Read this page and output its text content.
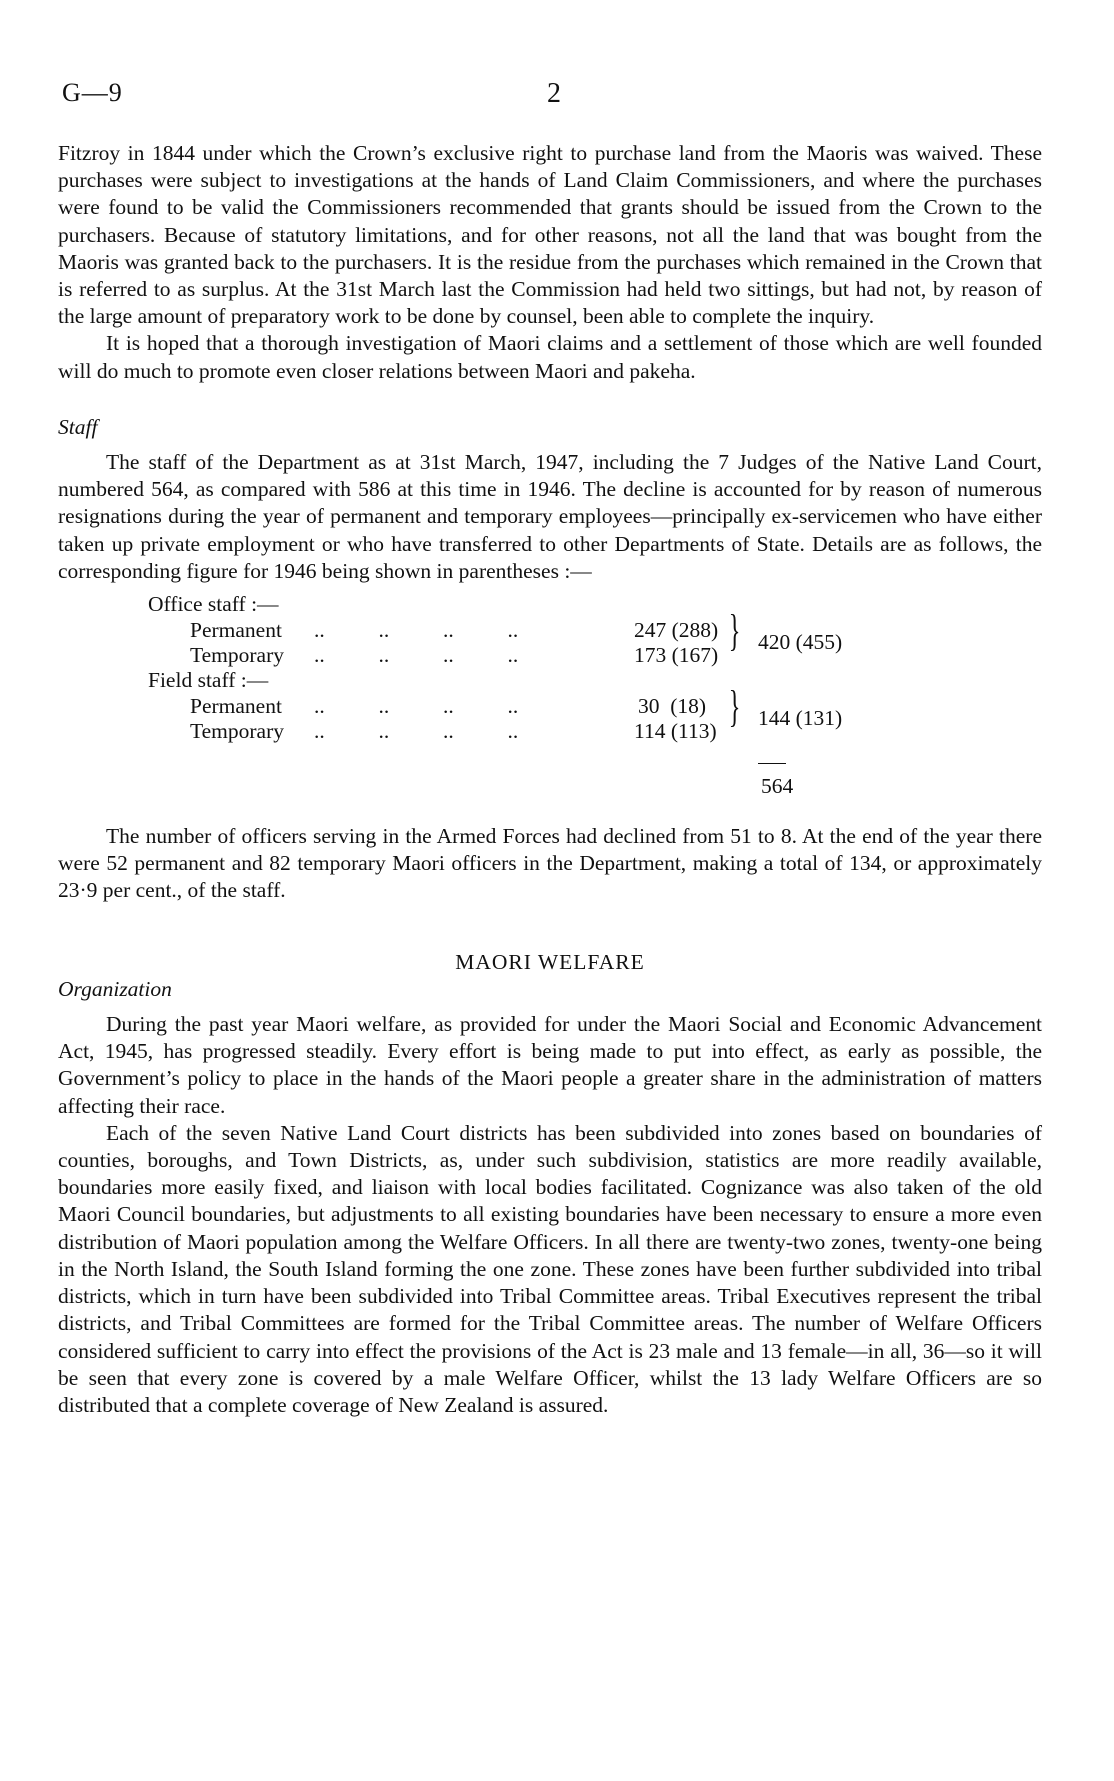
G—9	2

Fitzroy in 1844 under which the Crown’s exclusive right to purchase land from the Maoris was waived. These purchases were subject to investigations at the hands of Land Claim Commissioners, and where the purchases were found to be valid the Commissioners recommended that grants should be issued from the Crown to the purchasers. Because of statutory limitations, and for other reasons, not all the land that was bought from the Maoris was granted back to the purchasers. It is the residue from the purchases which remained in the Crown that is referred to as surplus. At the 31st March last the Commission had held two sittings, but had not, by reason of the large amount of preparatory work to be done by counsel, been able to complete the inquiry.

It is hoped that a thorough investigation of Maori claims and a settlement of those which are well founded will do much to promote even closer relations between Maori and pakeha.

Staff

The staff of the Department as at 31st March, 1947, including the 7 Judges of the Native Land Court, numbered 564, as compared with 586 at this time in 1946. The decline is accounted for by reason of numerous resignations during the year of permanent and temporary employees—principally ex-servicemen who have either taken up private employment or who have transferred to other Departments of State. Details are as follows, the corresponding figure for 1946 being shown in parentheses :—

Office staff :—
Permanent ..          ..          ..          ..	247 (288)
Temporary ..          ..          ..          ..	173 (167) } 420 (455)
Field staff :—
Permanent ..          ..          ..          ..	30  (18)
Temporary ..          ..          ..          ..	114 (113) } 144 (131)
564

The number of officers serving in the Armed Forces had declined from 51 to 8. At the end of the year there were 52 permanent and 82 temporary Maori officers in the Department, making a total of 134, or approximately 23·9 per cent., of the staff.

MAORI WELFARE

Organization

During the past year Maori welfare, as provided for under the Maori Social and Economic Advancement Act, 1945, has progressed steadily. Every effort is being made to put into effect, as early as possible, the Government’s policy to place in the hands of the Maori people a greater share in the administration of matters affecting their race.

Each of the seven Native Land Court districts has been subdivided into zones based on boundaries of counties, boroughs, and Town Districts, as, under such subdivision, statistics are more readily available, boundaries more easily fixed, and liaison with local bodies facilitated. Cognizance was also taken of the old Maori Council boundaries, but adjustments to all existing boundaries have been necessary to ensure a more even distribution of Maori population among the Welfare Officers. In all there are twenty-two zones, twenty-one being in the North Island, the South Island forming the one zone. These zones have been further subdivided into tribal districts, which in turn have been subdivided into Tribal Committee areas. Tribal Executives represent the tribal districts, and Tribal Committees are formed for the Tribal Committee areas. The number of Welfare Officers considered sufficient to carry into effect the provisions of the Act is 23 male and 13 female—in all, 36—so it will be seen that every zone is covered by a male Welfare Officer, whilst the 13 lady Welfare Officers are so distributed that a complete coverage of New Zealand is assured.
